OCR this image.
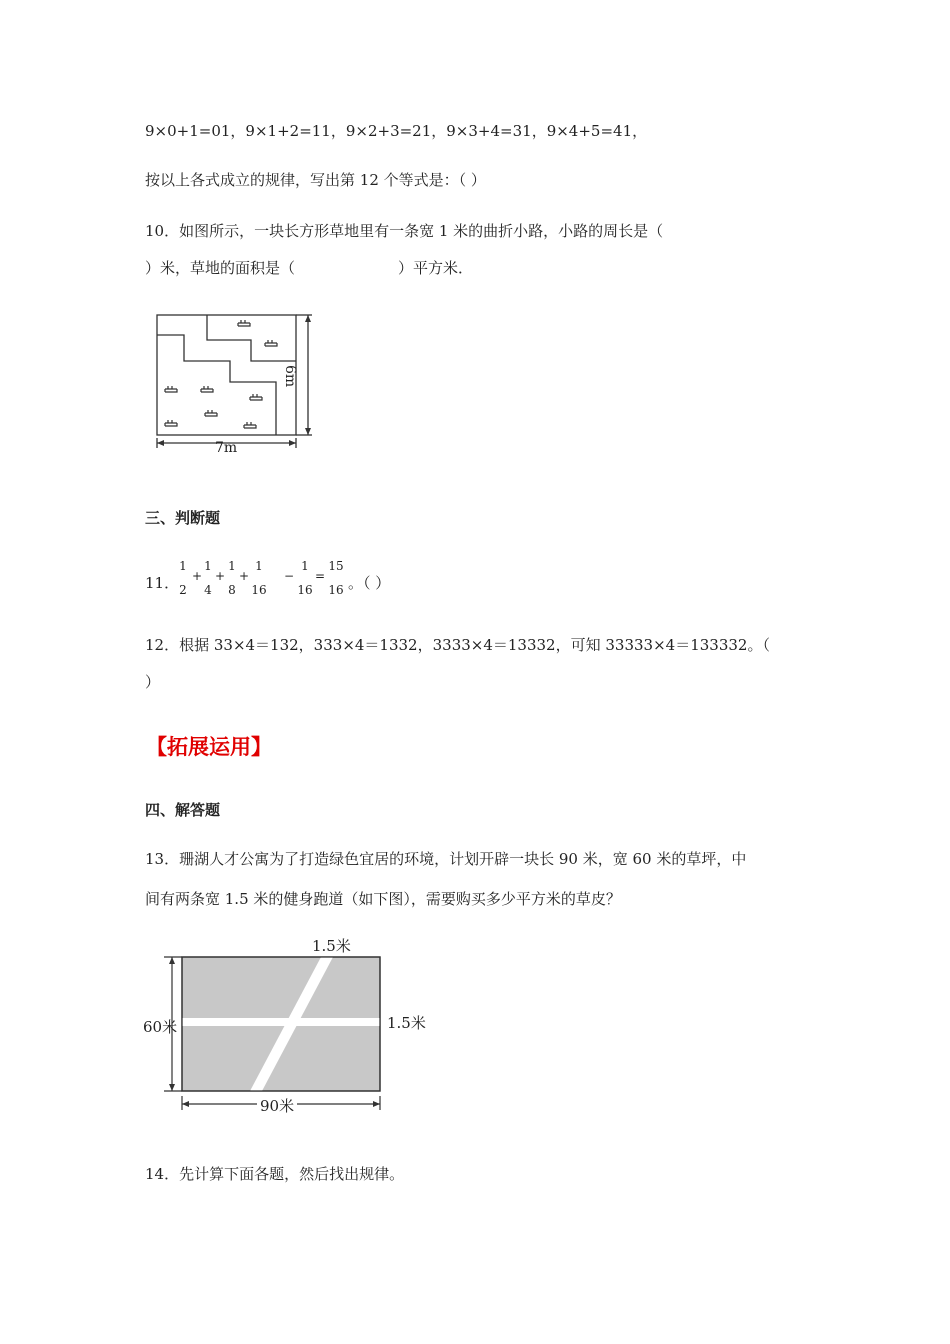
9×0+1=01，9×1+2=11，9×2+3=21，9×3+4=31，9×4+5=41，
按以上各式成立的规律，写出第 12 个等式是：（ ）
10．如图所示，一块长方形草地里有一条宽 1 米的曲折小路，小路的周长是（
）米，草地的面积是（	）平方米．
7m
6m
三、判断题
11．
1
2
+
1
4
+
1
8
+
1
16
−
1
16
=
15
16 。（ ）
12．根据 33×4＝132，333×4＝1332，3333×4＝13332，可知 33333×4＝133332。（
）
【拓展运用】
四、解答题
13．珊湖人才公寓为了打造绿色宜居的环境，计划开辟一块长 90 米，宽 60 米的草坪，中
间有两条宽 1.5 米的健身跑道（如下图），需要购买多少平方米的草皮？
1.5米
1.5米
60米
90米
14．先计算下面各题，然后找出规律。
